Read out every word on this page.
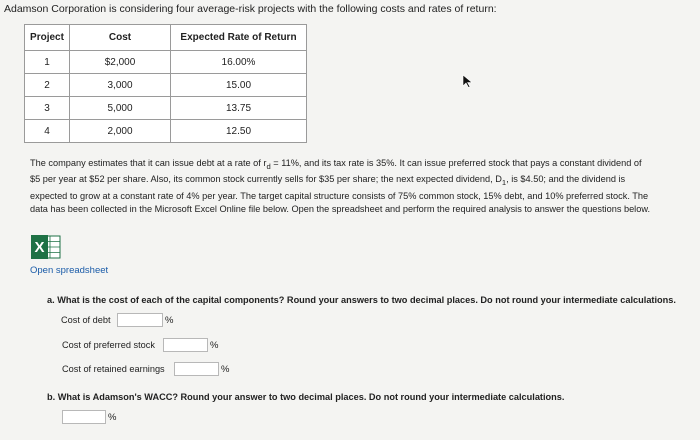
Adamson Corporation is considering four average-risk projects with the following costs and rates of return:
Project	Cost	Expected Rate of Return
1	$2,000	16.00%
2	3,000	15.00
3	5,000	13.75
4	2,000	12.50
The company estimates that it can issue debt at a rate of $r_d = 11\%$, and its tax rate is 35%. It can issue preferred stock that pays a constant dividend of
$5 per year at $52 per share. Also, its common stock currently sells for $35 per share; the next expected dividend, $D_1$, is $4.50; and the dividend is
expected to grow at a constant rate of 4% per year. The target capital structure consists of 75% common stock, 15% debt, and 10% preferred stock. The
data has been collected in the Microsoft Excel Online file below. Open the spreadsheet and perform the required analysis to answer the questions below.
X
Open spreadsheet
a. What is the cost of each of the capital components? Round your answers to two decimal places. Do not round your intermediate calculations.
Cost of debt	%
Cost of preferred stock	%
Cost of retained earnings	%
b. What is Adamson's WACC? Round your answer to two decimal places. Do not round your intermediate calculations.
%
